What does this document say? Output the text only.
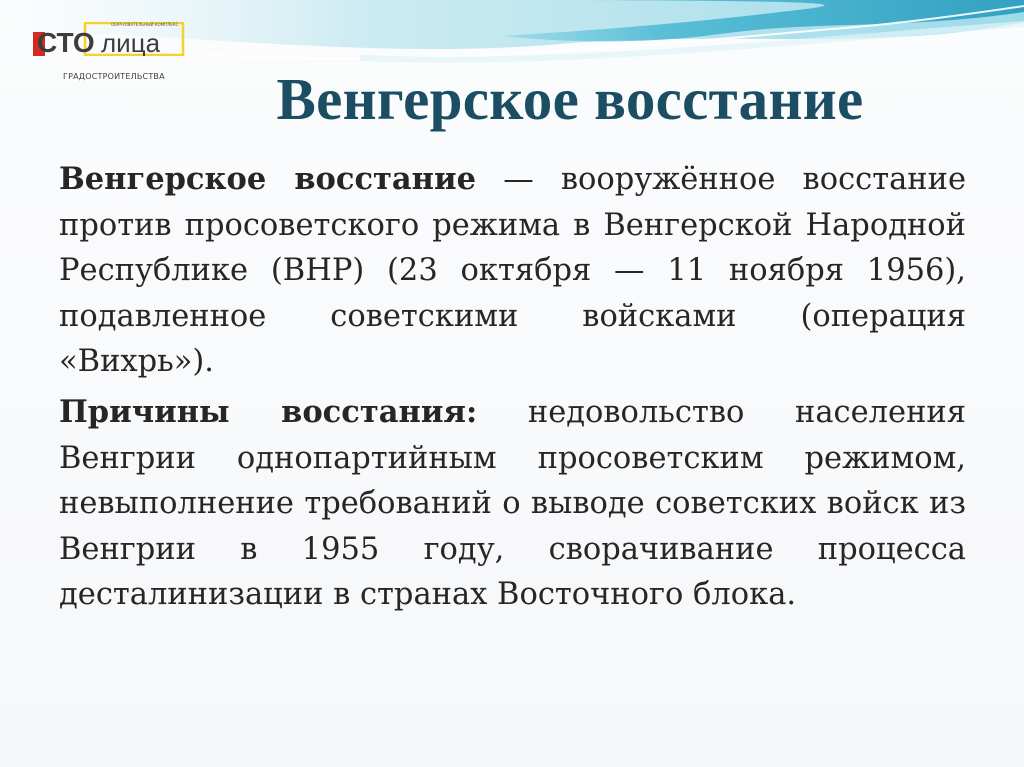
СТО лица
ОБРАЗОВАТЕЛЬНЫЙ КОМПЛЕКС
ГРАДОСТРОИТЕЛЬСТВА	Венгерское восстание
Венгерское восстание — вооружённое восстание против просоветского режима в Венгерской Народной Республике (ВНР) (23 октября — 11 ноября 1956), подавленное советскими войсками (операция «Вихрь»).
Причины восстания: недовольство населения Венгрии однопартийным просоветским режимом, невыполнение требований о выводе советских войск из Венгрии в 1955 году, сворачивание процесса десталинизации в странах Восточного блока.
